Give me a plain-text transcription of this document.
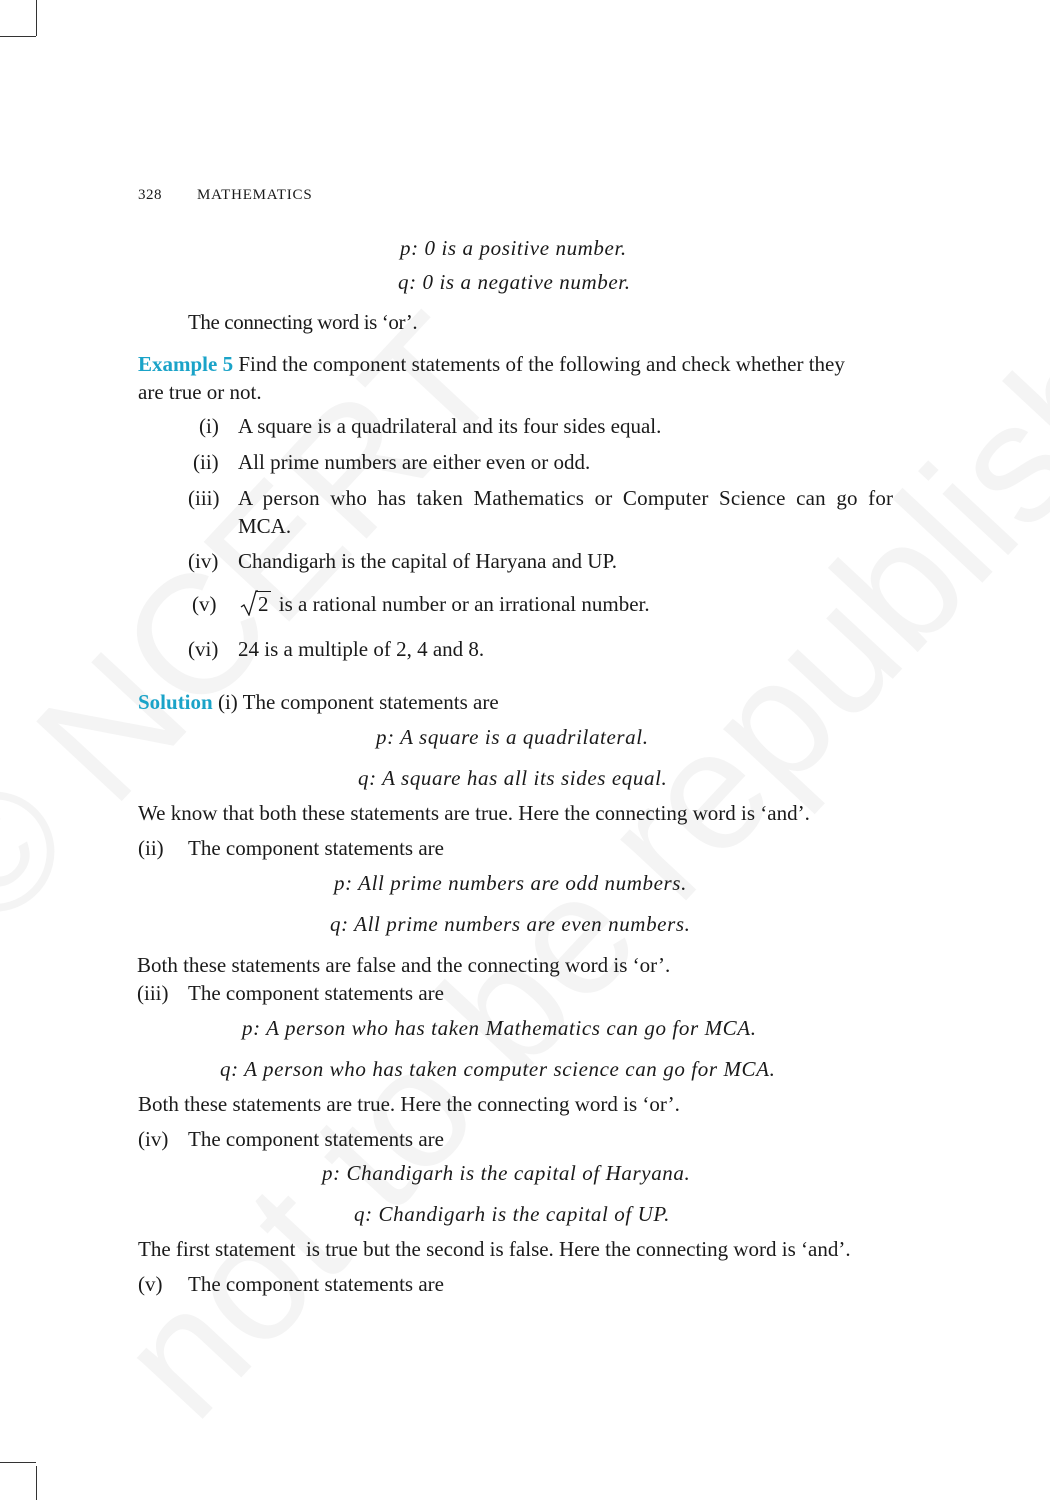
328 MATHEMATICS
p: 0 is a positive number.
q: 0 is a negative number.
The connecting word is ‘or’.
Example 5 Find the component statements of the following and check whether they
are true or not.
(i) A square is a quadrilateral and its four sides equal.
(ii) All prime numbers are either even or odd.
(iii) A person who has taken Mathematics or Computer Science can go for
MCA.
(iv) Chandigarh is the capital of Haryana and UP.
(v)	2 is a rational number or an irrational number.
(vi) 24 is a multiple of 2, 4 and 8.
Solution (i) The component statements are
p: A square is a quadrilateral.
q: A square has all its sides equal.
We know that both these statements are true. Here the connecting word is ‘and’.
(ii) The component statements are
p: All prime numbers are odd numbers.
q: All prime numbers are even numbers.
Both these statements are false and the connecting word is ‘or’.
(iii) The component statements are
p: A person who has taken Mathematics can go for MCA.
q: A person who has taken computer science can go for MCA.
Both these statements are true. Here the connecting word is ‘or’.
(iv) The component statements are
p: Chandigarh is the capital of Haryana.
q: Chandigarh is the capital of UP.
The first statement  is true but the second is false. Here the connecting word is ‘and’.
(v) The component statements are
